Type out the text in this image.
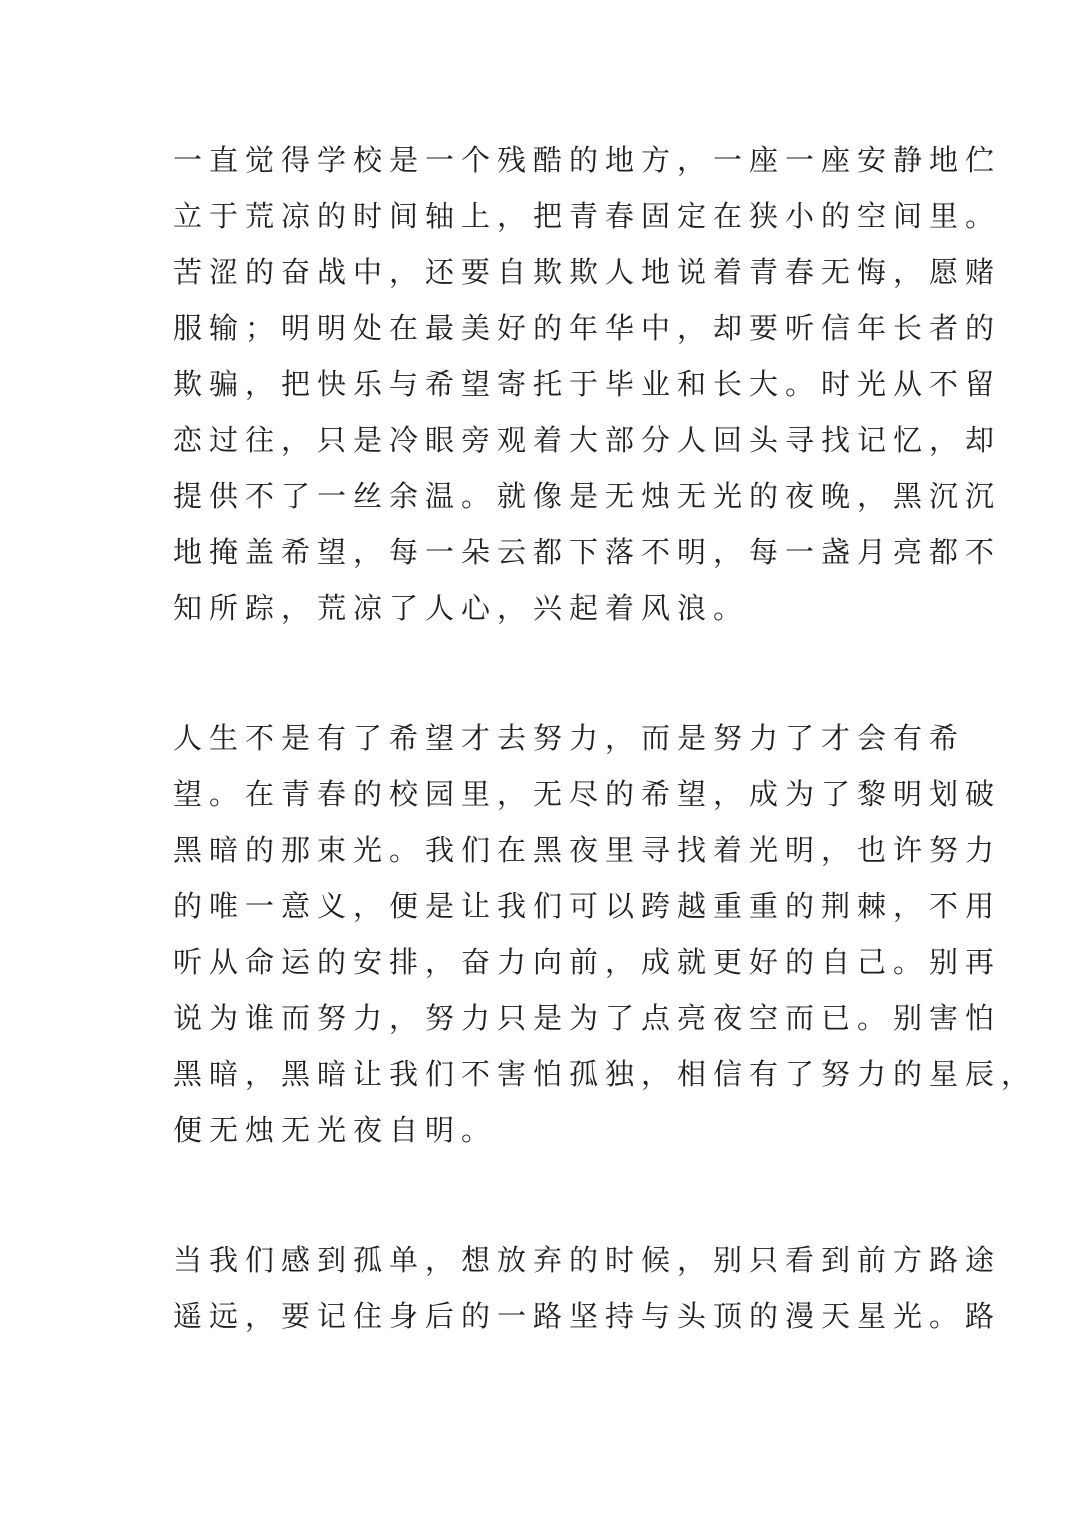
一直觉得学校是一个残酷的地方，一座一座安静地伫
立于荒凉的时间轴上，把青春固定在狭小的空间里。
苦涩的奋战中，还要自欺欺人地说着青春无悔，愿赌
服输；明明处在最美好的年华中，却要听信年长者的
欺骗，把快乐与希望寄托于毕业和长大。时光从不留
恋过往，只是冷眼旁观着大部分人回头寻找记忆，却
提供不了一丝余温。就像是无烛无光的夜晚，黑沉沉
地掩盖希望，每一朵云都下落不明，每一盏月亮都不
知所踪，荒凉了人心，兴起着风浪。
人生不是有了希望才去努力，而是努力了才会有希
望。在青春的校园里，无尽的希望，成为了黎明划破
黑暗的那束光。我们在黑夜里寻找着光明，也许努力
的唯一意义，便是让我们可以跨越重重的荆棘，不用
听从命运的安排，奋力向前，成就更好的自己。别再
说为谁而努力，努力只是为了点亮夜空而已。别害怕
黑暗，黑暗让我们不害怕孤独，相信有了努力的星辰，
便无烛无光夜自明。
当我们感到孤单，想放弃的时候，别只看到前方路途
遥远，要记住身后的一路坚持与头顶的漫天星光。路
